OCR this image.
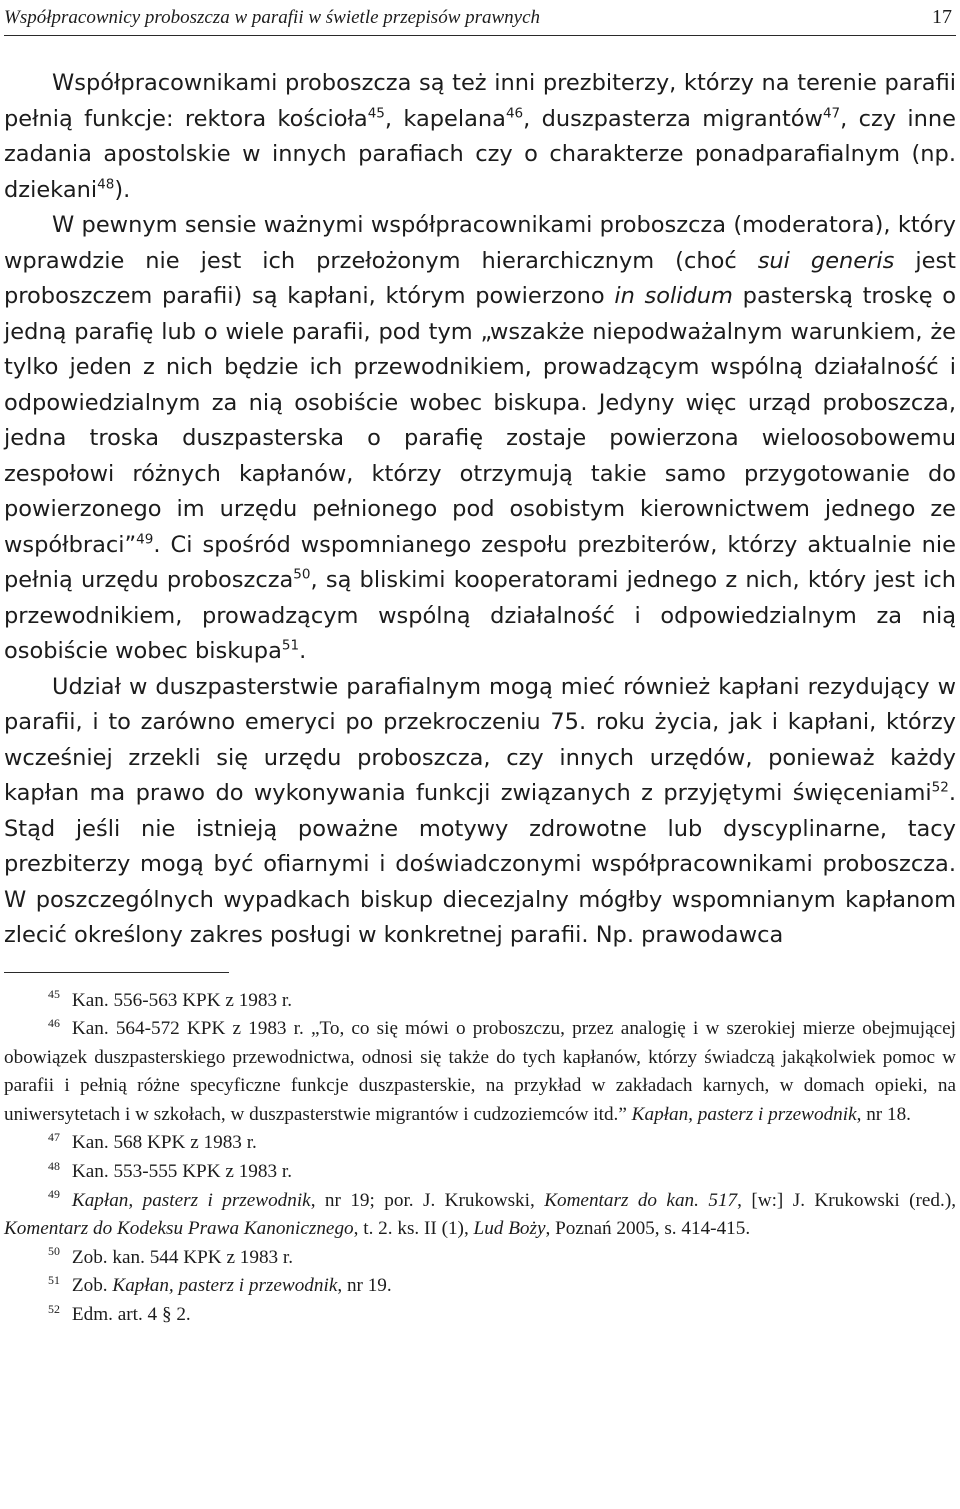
Współpracownicy proboszcza w parafii w świetle przepisów prawnych	17

Współpracownikami proboszcza są też inni prezbiterzy, którzy na terenie parafii pełnią funkcje: rektora kościoła$^{45}$, kapelana$^{46}$, duszpasterza migrantów$^{47}$, czy inne zadania apostolskie w innych parafiach czy o charakterze ponadparafialnym (np. dziekani$^{48}$).

W pewnym sensie ważnymi współpracownikami proboszcza (moderatora), który wprawdzie nie jest ich przełożonym hierarchicznym (choć sui generis jest proboszczem parafii) są kapłani, którym powierzono in solidum pasterską troskę o jedną parafię lub o wiele parafii, pod tym „wszakże niepodważalnym warunkiem, że tylko jeden z nich będzie ich przewodnikiem, prowadzącym wspólną działalność i odpowiedzialnym za nią osobiście wobec biskupa. Jedyny więc urząd proboszcza, jedna troska duszpasterska o parafię zostaje powierzona wieloosobowemu zespołowi różnych kapłanów, którzy otrzymują takie samo przygotowanie do powierzonego im urzędu pełnionego pod osobistym kierownictwem jednego ze współbraci”$^{49}$. Ci spośród wspomnianego zespołu prezbiterów, którzy aktualnie nie pełnią urzędu proboszcza$^{50}$, są bliskimi kooperatorami jednego z nich, który jest ich przewodnikiem, prowadzącym wspólną działalność i odpowiedzialnym za nią osobiście wobec biskupa$^{51}$.

Udział w duszpasterstwie parafialnym mogą mieć również kapłani rezydujący w parafii, i to zarówno emeryci po przekroczeniu 75. roku życia, jak i kapłani, którzy wcześniej zrzekli się urzędu proboszcza, czy innych urzędów, ponieważ każdy kapłan ma prawo do wykonywania funkcji związanych z przyjętymi święceniami$^{52}$. Stąd jeśli nie istnieją poważne motywy zdrowotne lub dyscyplinarne, tacy prezbiterzy mogą być ofiarnymi i doświadczonymi współpracownikami proboszcza. W poszczególnych wypadkach biskup diecezjalny mógłby wspomnianym kapłanom zlecić określony zakres posługi w konkretnej parafii. Np. prawodawca

$^{45}$ Kan. 556-563 KPK z 1983 r.

$^{46}$ Kan. 564-572 KPK z 1983 r. „To, co się mówi o proboszczu, przez analogię i w szerokiej mierze obejmującej obowiązek duszpasterskiego przewodnictwa, odnosi się także do tych kapłanów, którzy świadczą jakąkolwiek pomoc w parafii i pełnią różne specyficzne funkcje duszpasterskie, na przykład w zakładach karnych, w domach opieki, na uniwersytetach i w szkołach, w duszpasterstwie migrantów i cudzoziemców itd.” Kapłan, pasterz i przewodnik, nr 18.

$^{47}$ Kan. 568 KPK z 1983 r.

$^{48}$ Kan. 553-555 KPK z 1983 r.

$^{49}$ Kapłan, pasterz i przewodnik, nr 19; por. J. Krukowski, Komentarz do kan. 517, [w:] J. Krukowski (red.), Komentarz do Kodeksu Prawa Kanonicznego, t. 2. ks. II (1), Lud Boży, Poznań 2005, s. 414-415.

$^{50}$ Zob. kan. 544 KPK z 1983 r.

$^{51}$ Zob. Kapłan, pasterz i przewodnik, nr 19.

$^{52}$ Edm. art. 4 § 2.
